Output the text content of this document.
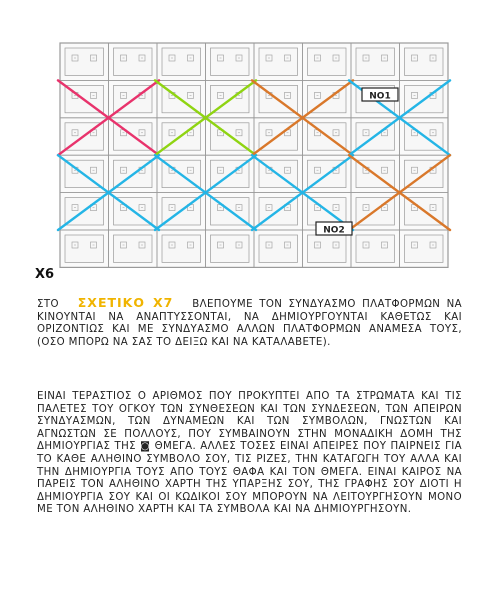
ΝΟ1
ΝΟ2
X6

ΣΤΟ ΣΧΕΤΙΚΟ Χ7 ΒΛΕΠΟΥΜΕ ΤΟΝ ΣΥΝΔΥΑΣΜΟ ΠΛΑΤΦΟΡΜΩΝ ΝΑ ΚΙΝΟΥΝΤΑΙ ΝΑ ΑΝΑΠΤΥΣΣΟΝΤΑΙ, ΝΑ ΔΗΜΙΟΥΡΓΟΥΝΤΑΙ ΚΑΘΕΤΩΣ ΚΑΙ ΟΡΙΖΟΝΤΙΩΣ ΚΑΙ ΜΕ ΣΥΝΔΥΑΣΜΟ ΑΛΛΩΝ ΠΛΑΤΦΟΡΜΩΝ ΑΝΑΜΕΣΑ ΤΟΥΣ, (ΟΣΟ ΜΠΟΡΩ ΝΑ ΣΑΣ ΤΟ ΔΕΙΞΩ ΚΑΙ ΝΑ ΚΑΤΑΛΑΒΕΤΕ).

ΕΙΝΑΙ ΤΕΡΑΣΤΙΟΣ Ο ΑΡΙΘΜΟΣ ΠΟΥ ΠΡΟΚΥΠΤΕΙ ΑΠΟ ΤΑ ΣΤΡΩΜΑΤΑ ΚΑΙ ΤΙΣ ΠΑΛΕΤΕΣ ΤΟΥ ΟΓΚΟΥ ΤΩΝ ΣΥΝΘΕΣΕΩΝ ΚΑΙ ΤΩΝ ΣΥΝΔΕΣΕΩΝ, ΤΩΝ ΑΠΕΙΡΩΝ ΣΥΝΔΥΑΣΜΩΝ, ΤΩΝ ΔΥΝΑΜΕΩΝ ΚΑΙ ΤΩΝ ΣΥΜΒΟΛΩΝ, ΓΝΩΣΤΩΝ ΚΑΙ ΑΓΝΩΣΤΩΝ ΣΕ ΠΟΛΛΟΥΣ, ΠΟΥ ΣΥΜΒΑΙΝΟΥΝ ΣΤΗΝ ΜΟΝΑΔΙΚΗ ΔΟΜΗ ΤΗΣ ΔΗΜΙΟΥΡΓΙΑΣ ΤΗΣ ◙ ΘΜΕΓΑ. ΑΛΛΕΣ ΤΟΣΕΣ ΕΙΝΑΙ ΑΠΕΙΡΕΣ ΠΟΥ ΠΑΙΡΝΕΙΣ ΓΙΑ ΤΟ ΚΑΘΕ ΑΛΗΘΙΝΟ ΣΥΜΒΟΛΟ ΣΟΥ, ΤΙΣ ΡΙΖΕΣ, ΤΗΝ ΚΑΤΑΓΩΓΗ ΤΟΥ ΑΛΛΑ ΚΑΙ ΤΗΝ ΔΗΜΙΟΥΡΓΙΑ ΤΟΥΣ ΑΠΟ ΤΟΥΣ ΘΑΦΑ ΚΑΙ ΤΟΝ ΘΜΕΓΑ. ΕΙΝΑΙ ΚΑΙΡΟΣ ΝΑ ΠΑΡΕΙΣ ΤΟΝ ΑΛΗΘΙΝΟ ΧΑΡΤΗ ΤΗΣ ΥΠΑΡΞΗΣ ΣΟΥ, ΤΗΣ ΓΡΑΦΗΣ ΣΟΥ ΔΙΟΤΙ Η ΔΗΜΙΟΥΡΓΙΑ ΣΟΥ ΚΑΙ ΟΙ ΚΩΔΙΚΟΙ ΣΟΥ ΜΠΟΡΟΥΝ ΝΑ ΛΕΙΤΟΥΡΓΗΣΟΥΝ ΜΟΝΟ ΜΕ ΤΟΝ ΑΛΗΘΙΝΟ ΧΑΡΤΗ ΚΑΙ ΤΑ ΣΥΜΒΟΛΑ ΚΑΙ ΝΑ ΔΗΜΙΟΥΡΓΗΣΟΥΝ.
